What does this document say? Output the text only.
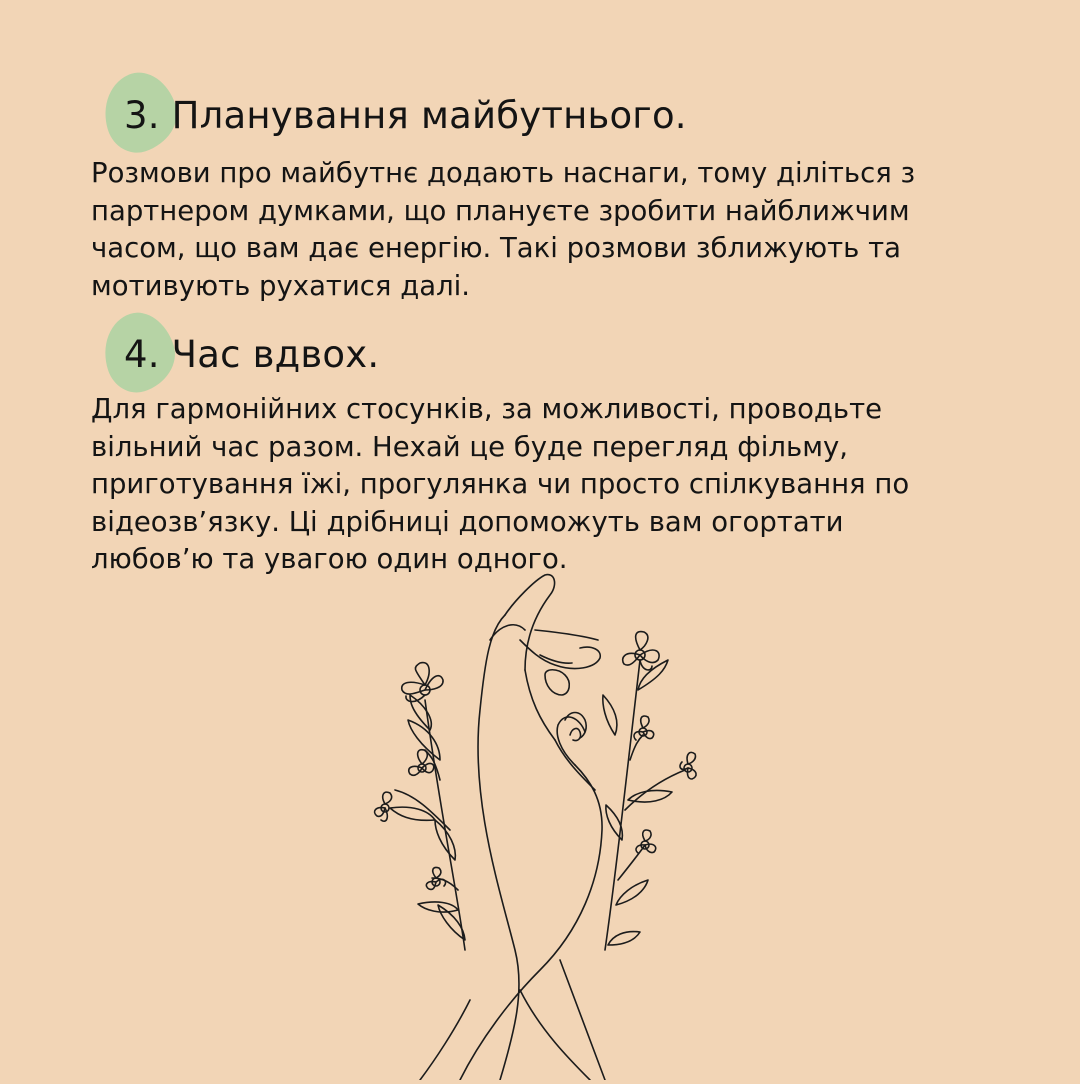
3. Планування майбутнього.

Розмови про майбутнє додають наснаги, тому діліться з
партнером думками, що плануєте зробити найближчим
часом, що вам дає енергію. Такі розмови зближують та
мотивують рухатися далі.

4. Час вдвох.

Для гармонійних стосунків, за можливості, проводьте
вільний час разом. Нехай це буде перегляд фільму,
приготування їжі, прогулянка чи просто спілкування по
відеозв’язку. Ці дрібниці допоможуть вам огортати
любов’ю та увагою один одного.
